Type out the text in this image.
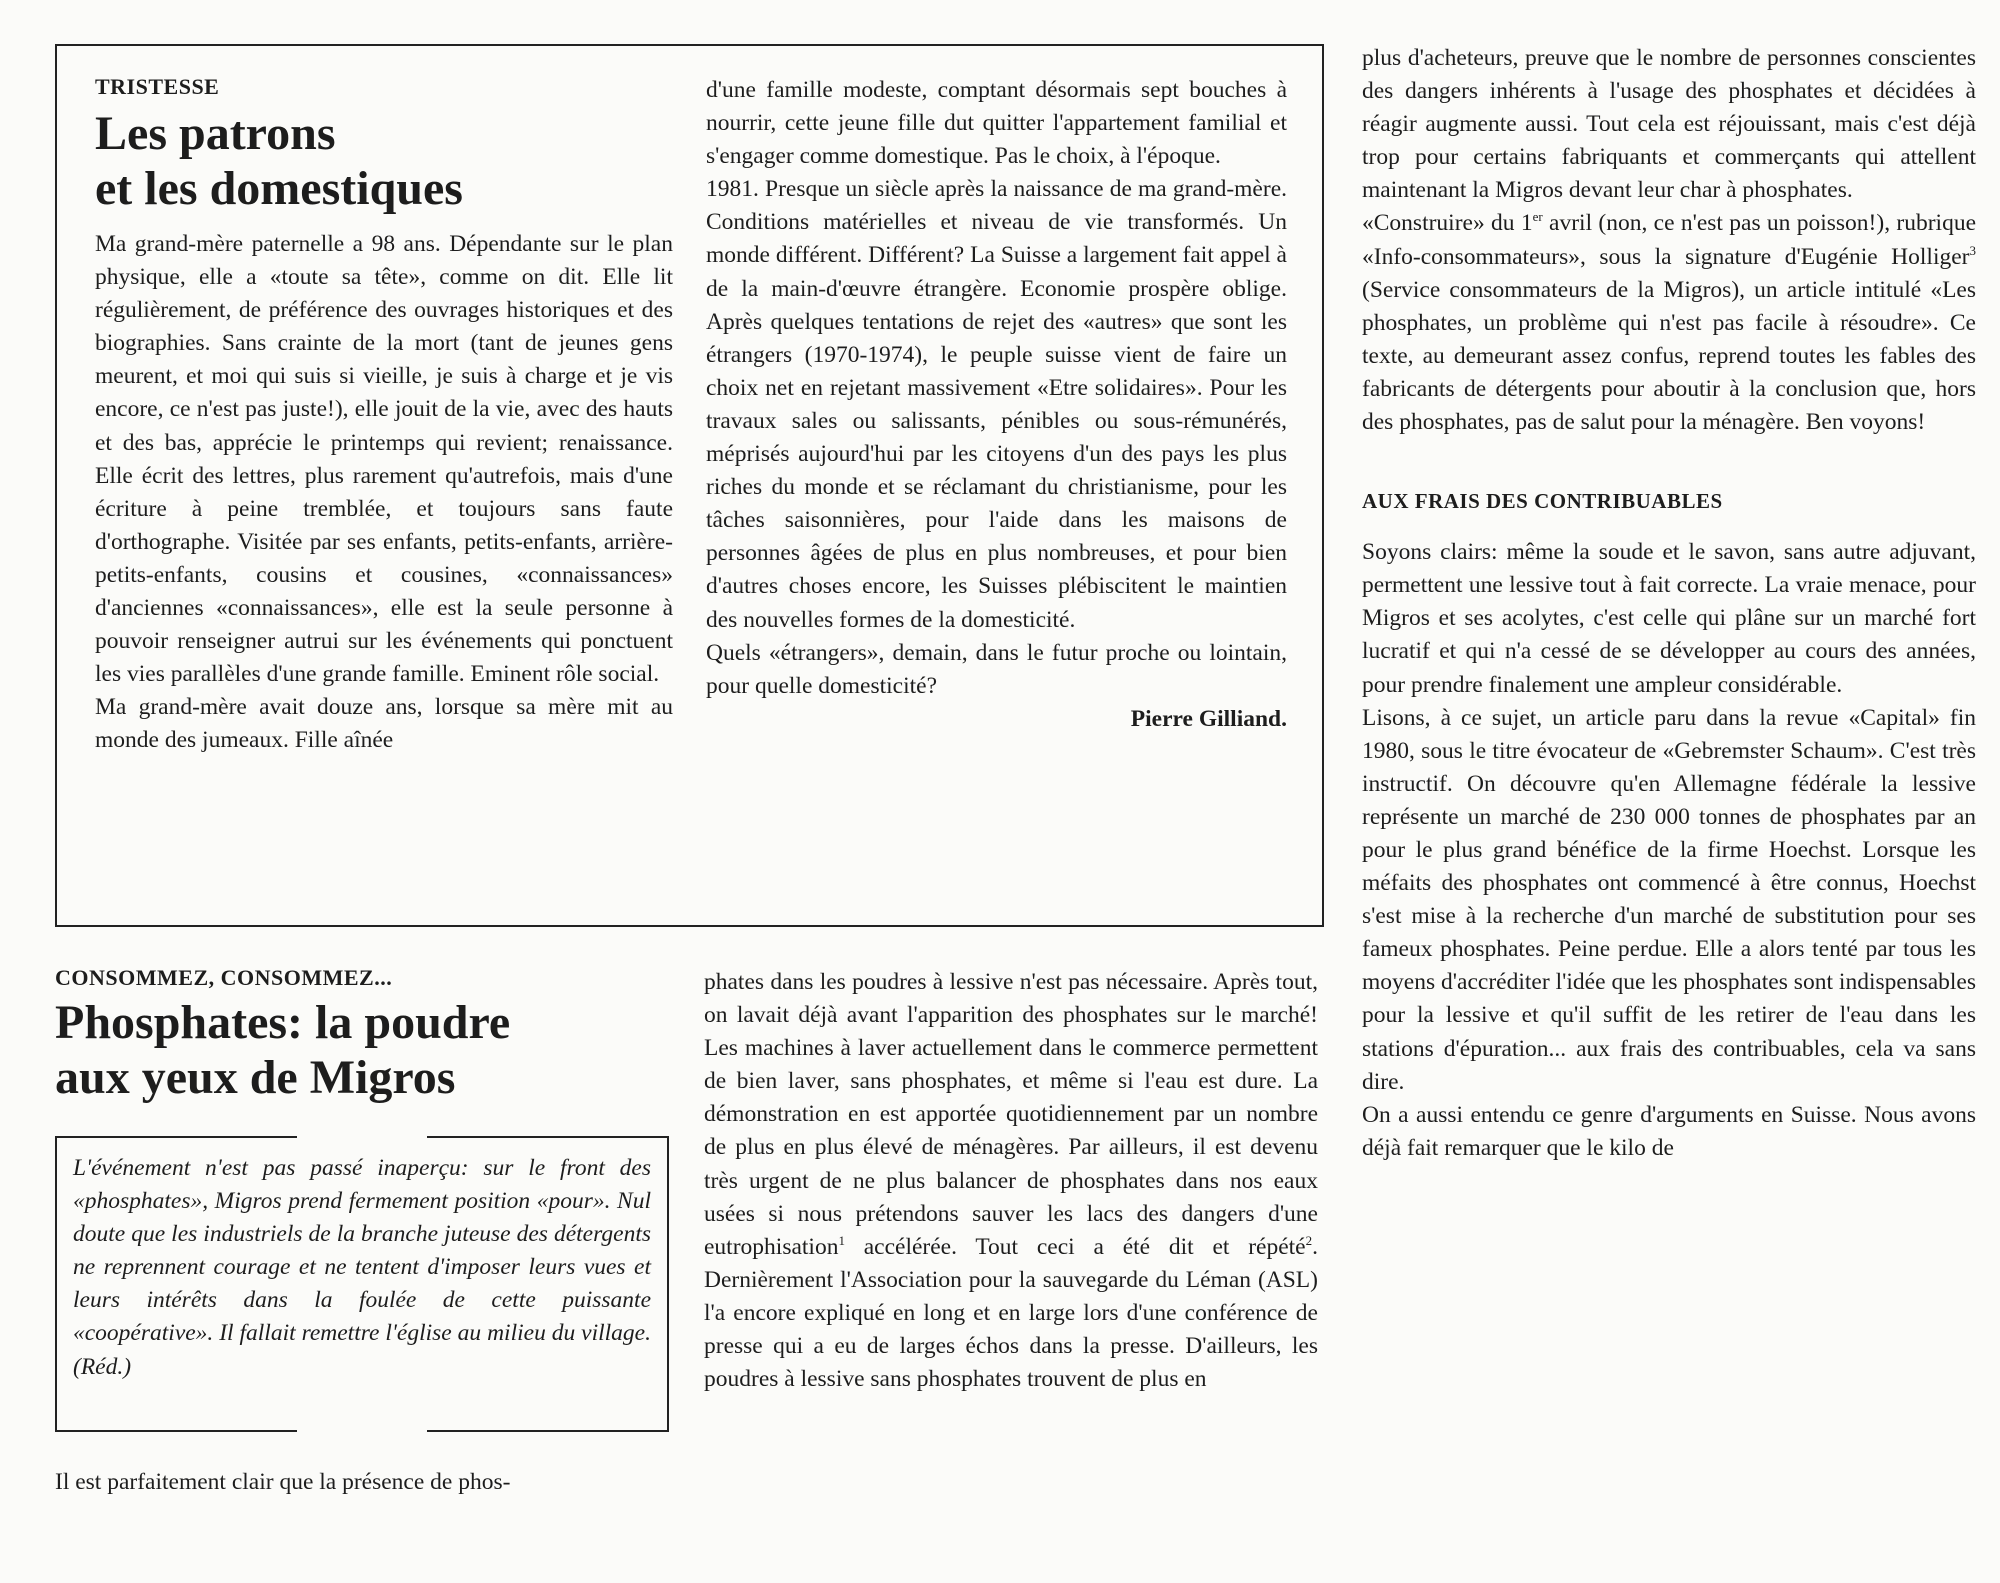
TRISTESSE

Les patrons
et les domestiques

Ma grand-mère paternelle a 98 ans. Dépendante sur le plan physique, elle a «toute sa tête», comme on dit. Elle lit régulièrement, de préférence des ouvrages historiques et des biographies. Sans crainte de la mort (tant de jeunes gens meurent, et moi qui suis si vieille, je suis à charge et je vis encore, ce n'est pas juste!), elle jouit de la vie, avec des hauts et des bas, apprécie le printemps qui revient; renaissance. Elle écrit des lettres, plus rarement qu'autrefois, mais d'une écriture à peine tremblée, et toujours sans faute d'orthographe. Visitée par ses enfants, petits-enfants, arrière-petits-enfants, cousins et cousines, «connaissances» d'anciennes «connaissances», elle est la seule personne à pouvoir renseigner autrui sur les événements qui ponctuent les vies parallèles d'une grande famille. Eminent rôle social.

Ma grand-mère avait douze ans, lorsque sa mère mit au monde des jumeaux. Fille aînée

d'une famille modeste, comptant désormais sept bouches à nourrir, cette jeune fille dut quitter l'appartement familial et s'engager comme domestique. Pas le choix, à l'époque.

1981. Presque un siècle après la naissance de ma grand-mère. Conditions matérielles et niveau de vie transformés. Un monde différent. Différent? La Suisse a largement fait appel à de la main-d'œuvre étrangère. Economie prospère oblige. Après quelques tentations de rejet des «autres» que sont les étrangers (1970-1974), le peuple suisse vient de faire un choix net en rejetant massivement «Etre solidaires». Pour les travaux sales ou salissants, pénibles ou sous-rémunérés, méprisés aujourd'hui par les citoyens d'un des pays les plus riches du monde et se réclamant du christianisme, pour les tâches saisonnières, pour l'aide dans les maisons de personnes âgées de plus en plus nombreuses, et pour bien d'autres choses encore, les Suisses plébiscitent le maintien des nouvelles formes de la domesticité.

Quels «étrangers», demain, dans le futur proche ou lointain, pour quelle domesticité?

Pierre Gilliand.

CONSOMMEZ, CONSOMMEZ...

Phosphates: la poudre
aux yeux de Migros

L'événement n'est pas passé inaperçu: sur le front des «phosphates», Migros prend fermement position «pour». Nul doute que les industriels de la branche juteuse des détergents ne reprennent courage et ne tentent d'imposer leurs vues et leurs intérêts dans la foulée de cette puissante «coopérative». Il fallait remettre l'église au milieu du village. (Réd.)

Il est parfaitement clair que la présence de phos-

phates dans les poudres à lessive n'est pas nécessaire. Après tout, on lavait déjà avant l'apparition des phosphates sur le marché! Les machines à laver actuellement dans le commerce permettent de bien laver, sans phosphates, et même si l'eau est dure. La démonstration en est apportée quotidiennement par un nombre de plus en plus élevé de ménagères. Par ailleurs, il est devenu très urgent de ne plus balancer de phosphates dans nos eaux usées si nous prétendons sauver les lacs des dangers d'une eutrophisation$^1$ accélérée. Tout ceci a été dit et répété$^2$. Dernièrement l'Association pour la sauvegarde du Léman (ASL) l'a encore expliqué en long et en large lors d'une conférence de presse qui a eu de larges échos dans la presse. D'ailleurs, les poudres à lessive sans phosphates trouvent de plus en

plus d'acheteurs, preuve que le nombre de personnes conscientes des dangers inhérents à l'usage des phosphates et décidées à réagir augmente aussi. Tout cela est réjouissant, mais c'est déjà trop pour certains fabriquants et commerçants qui attellent maintenant la Migros devant leur char à phosphates.

«Construire» du 1er avril (non, ce n'est pas un poisson!), rubrique «Info-consommateurs», sous la signature d'Eugénie Holliger$^3$ (Service consommateurs de la Migros), un article intitulé «Les phosphates, un problème qui n'est pas facile à résoudre». Ce texte, au demeurant assez confus, reprend toutes les fables des fabricants de détergents pour aboutir à la conclusion que, hors des phosphates, pas de salut pour la ménagère. Ben voyons!

AUX FRAIS DES CONTRIBUABLES

Soyons clairs: même la soude et le savon, sans autre adjuvant, permettent une lessive tout à fait correcte. La vraie menace, pour Migros et ses acolytes, c'est celle qui plâne sur un marché fort lucratif et qui n'a cessé de se développer au cours des années, pour prendre finalement une ampleur considérable.

Lisons, à ce sujet, un article paru dans la revue «Capital» fin 1980, sous le titre évocateur de «Gebremster Schaum». C'est très instructif. On découvre qu'en Allemagne fédérale la lessive représente un marché de 230 000 tonnes de phosphates par an pour le plus grand bénéfice de la firme Hoechst. Lorsque les méfaits des phosphates ont commencé à être connus, Hoechst s'est mise à la recherche d'un marché de substitution pour ses fameux phosphates. Peine perdue. Elle a alors tenté par tous les moyens d'accréditer l'idée que les phosphates sont indispensables pour la lessive et qu'il suffit de les retirer de l'eau dans les stations d'épuration... aux frais des contribuables, cela va sans dire.

On a aussi entendu ce genre d'arguments en Suisse. Nous avons déjà fait remarquer que le kilo de
